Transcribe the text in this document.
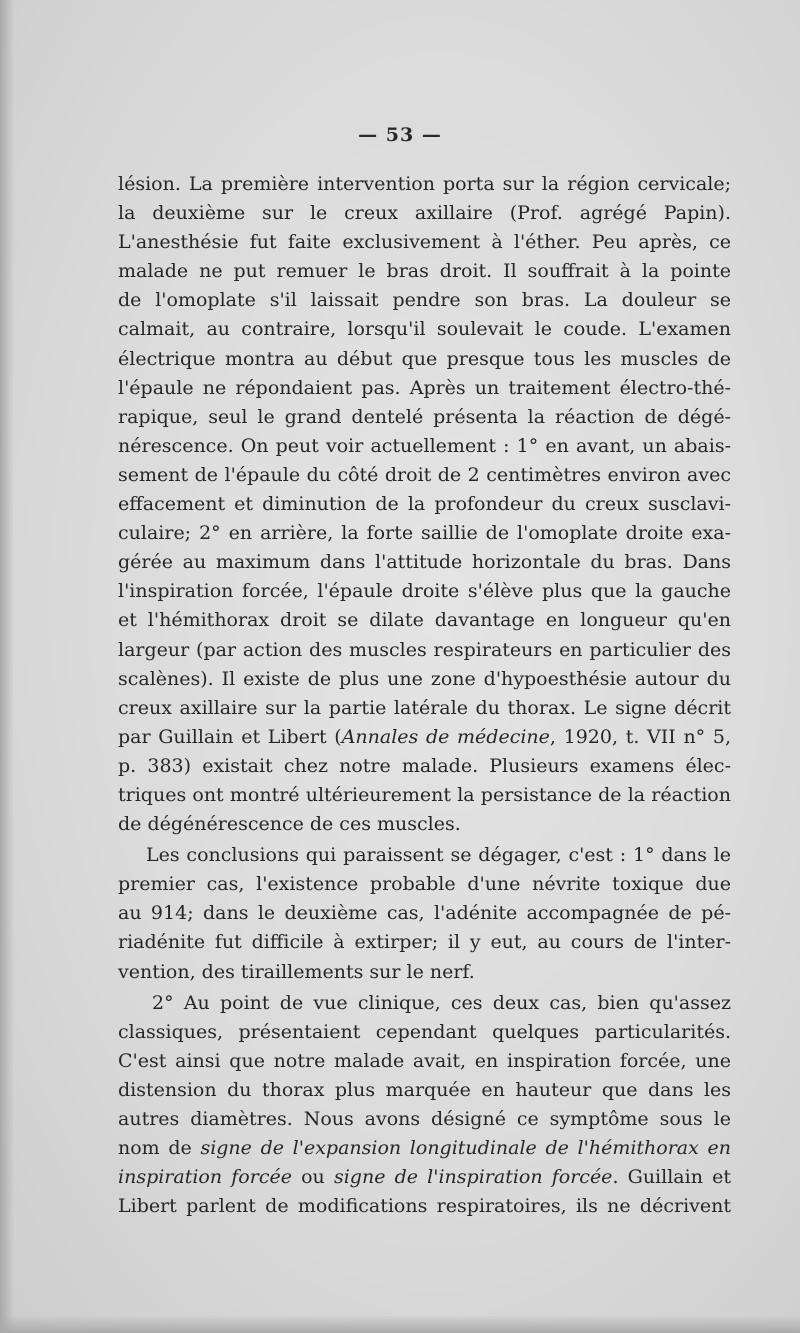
— 53 —
lésion. La première intervention porta sur la région cervicale;
la deuxième sur le creux axillaire (Prof. agrégé Papin).
L'anesthésie fut faite exclusivement à l'éther. Peu après, ce
malade ne put remuer le bras droit. Il souffrait à la pointe
de l'omoplate s'il laissait pendre son bras. La douleur se
calmait, au contraire, lorsqu'il soulevait le coude. L'examen
électrique montra au début que presque tous les muscles de
l'épaule ne répondaient pas. Après un traitement électro-thé-
rapique, seul le grand dentelé présenta la réaction de dégé-
nérescence. On peut voir actuellement : 1° en avant, un abais-
sement de l'épaule du côté droit de 2 centimètres environ avec
effacement et diminution de la profondeur du creux susclavi-
culaire; 2° en arrière, la forte saillie de l'omoplate droite exa-
gérée au maximum dans l'attitude horizontale du bras. Dans
l'inspiration forcée, l'épaule droite s'élève plus que la gauche
et l'hémithorax droit se dilate davantage en longueur qu'en
largeur (par action des muscles respirateurs en particulier des
scalènes). Il existe de plus une zone d'hypoesthésie autour du
creux axillaire sur la partie latérale du thorax. Le signe décrit
par Guillain et Libert (Annales de médecine, 1920, t. VII n° 5,
p. 383) existait chez notre malade. Plusieurs examens élec-
triques ont montré ultérieurement la persistance de la réaction
de dégénérescence de ces muscles.
Les conclusions qui paraissent se dégager, c'est : 1° dans le
premier cas, l'existence probable d'une névrite toxique due
au 914; dans le deuxième cas, l'adénite accompagnée de pé-
riadénite fut difficile à extirper; il y eut, au cours de l'inter-
vention, des tiraillements sur le nerf.
2° Au point de vue clinique, ces deux cas, bien qu'assez
classiques, présentaient cependant quelques particularités.
C'est ainsi que notre malade avait, en inspiration forcée, une
distension du thorax plus marquée en hauteur que dans les
autres diamètres. Nous avons désigné ce symptôme sous le
nom de signe de l'expansion longitudinale de l'hémithorax en
inspiration forcée ou signe de l'inspiration forcée. Guillain et
Libert parlent de modifications respiratoires, ils ne décrivent
